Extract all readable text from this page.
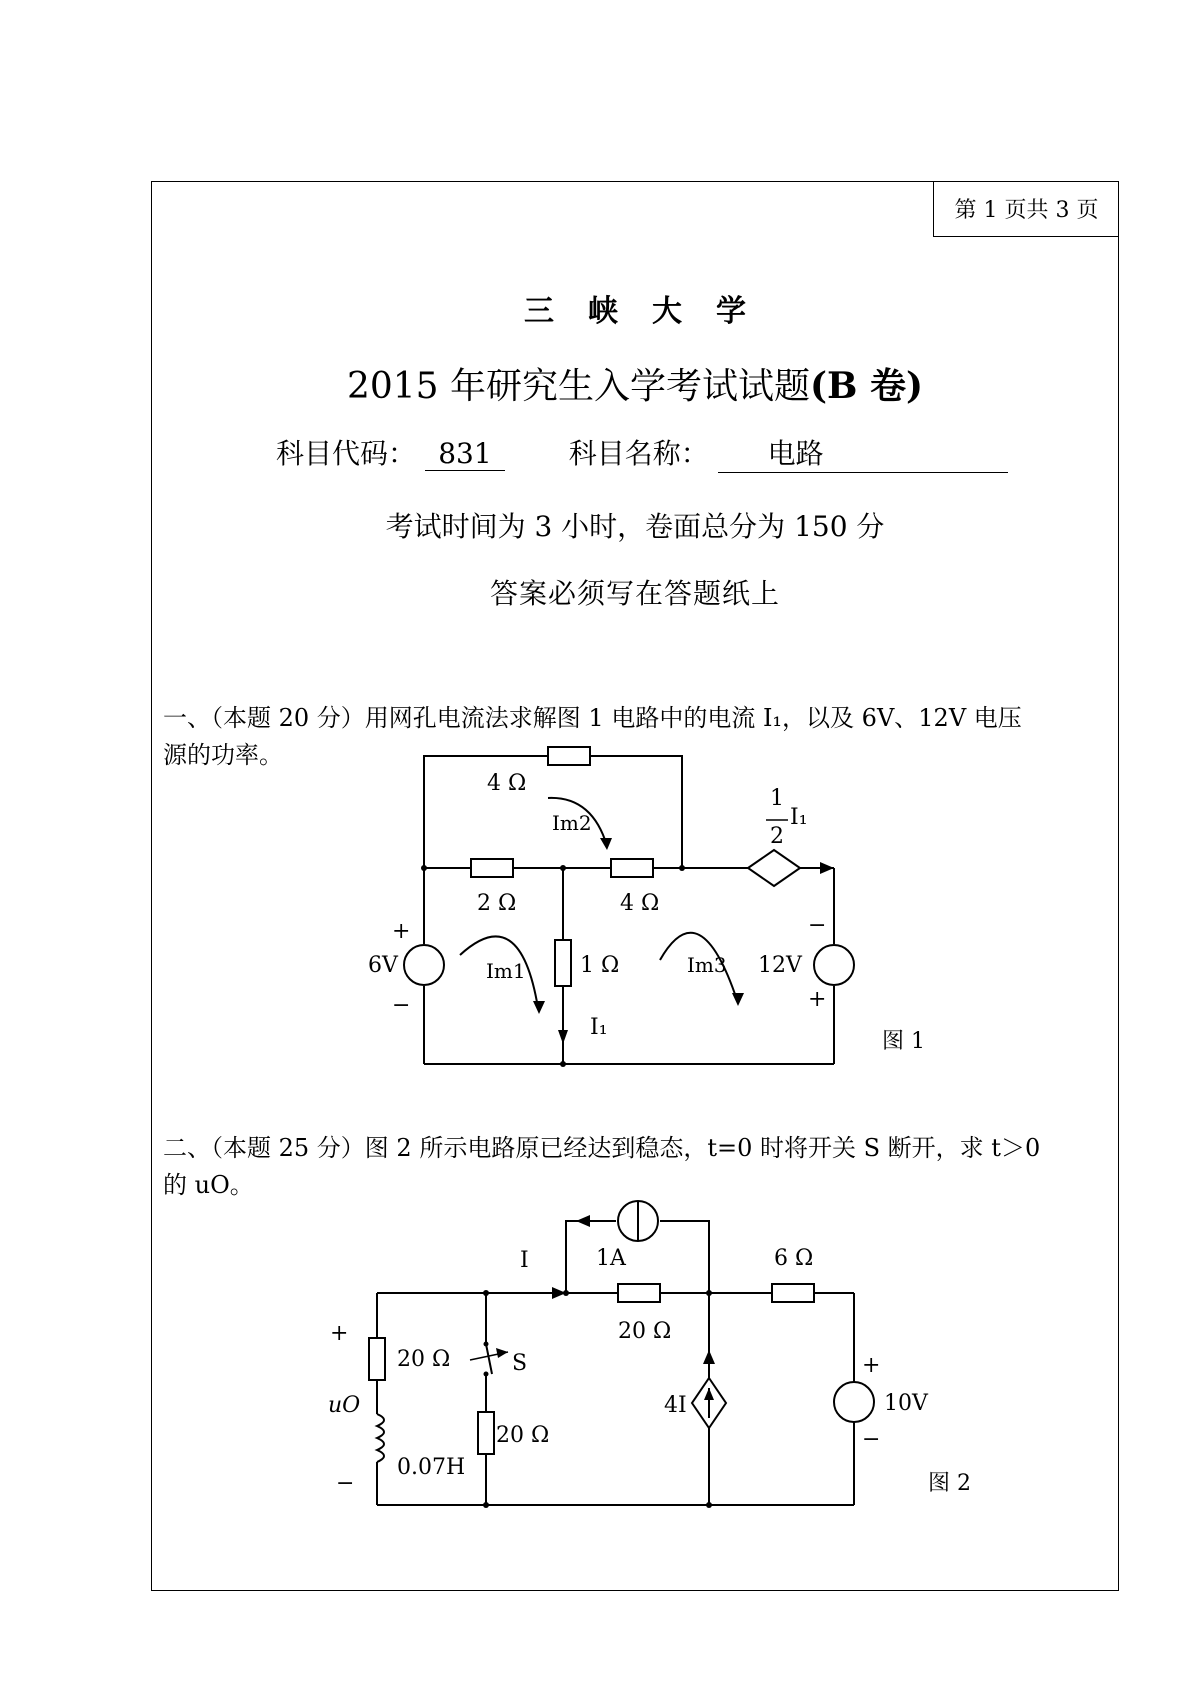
第 1 页共 3 页
三峡大学
2015 年研究生入学考试试题(B 卷)
科目代码： 831	科目名称： 电路
考试时间为 3 小时，卷面总分为 150 分
答案必须写在答题纸上
一、（本题 20 分）用网孔电流法求解图 1 电路中的电流 I₁，以及 6V、12V 电压
源的功率。
4 Ω
2 Ω	4 Ω
1 Ω
6V	12V
Im2
Im1	Im3
I₁
1
2
I₁
+
−
−
+
图 1
二、（本题 25 分）图 2 所示电路原已经达到稳态，t=0 时将开关 S 断开，求 t＞0
的 uO。
I	1A	6 Ω
20 Ω
20 Ω
20 Ω
S
0.07H
4I	10V
uO
+
−
+
−
图 2
